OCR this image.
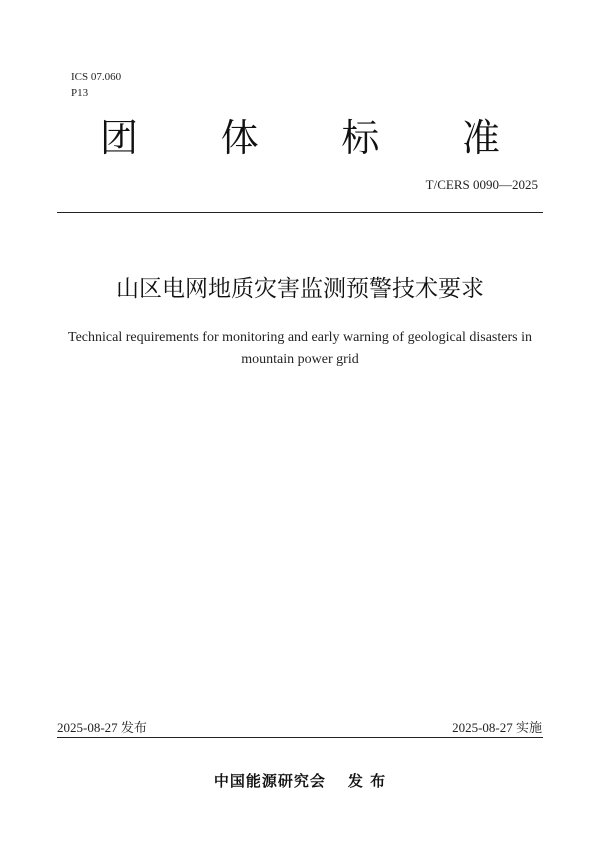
ICS 07.060
P13
团 体 标 准
T/CERS 0090—2025
山区电网地质灾害监测预警技术要求
Technical requirements for monitoring and early warning of geological disasters in
mountain power grid
2025-08-27 发布	2025-08-27 实施
中国能源研究会 发 布
